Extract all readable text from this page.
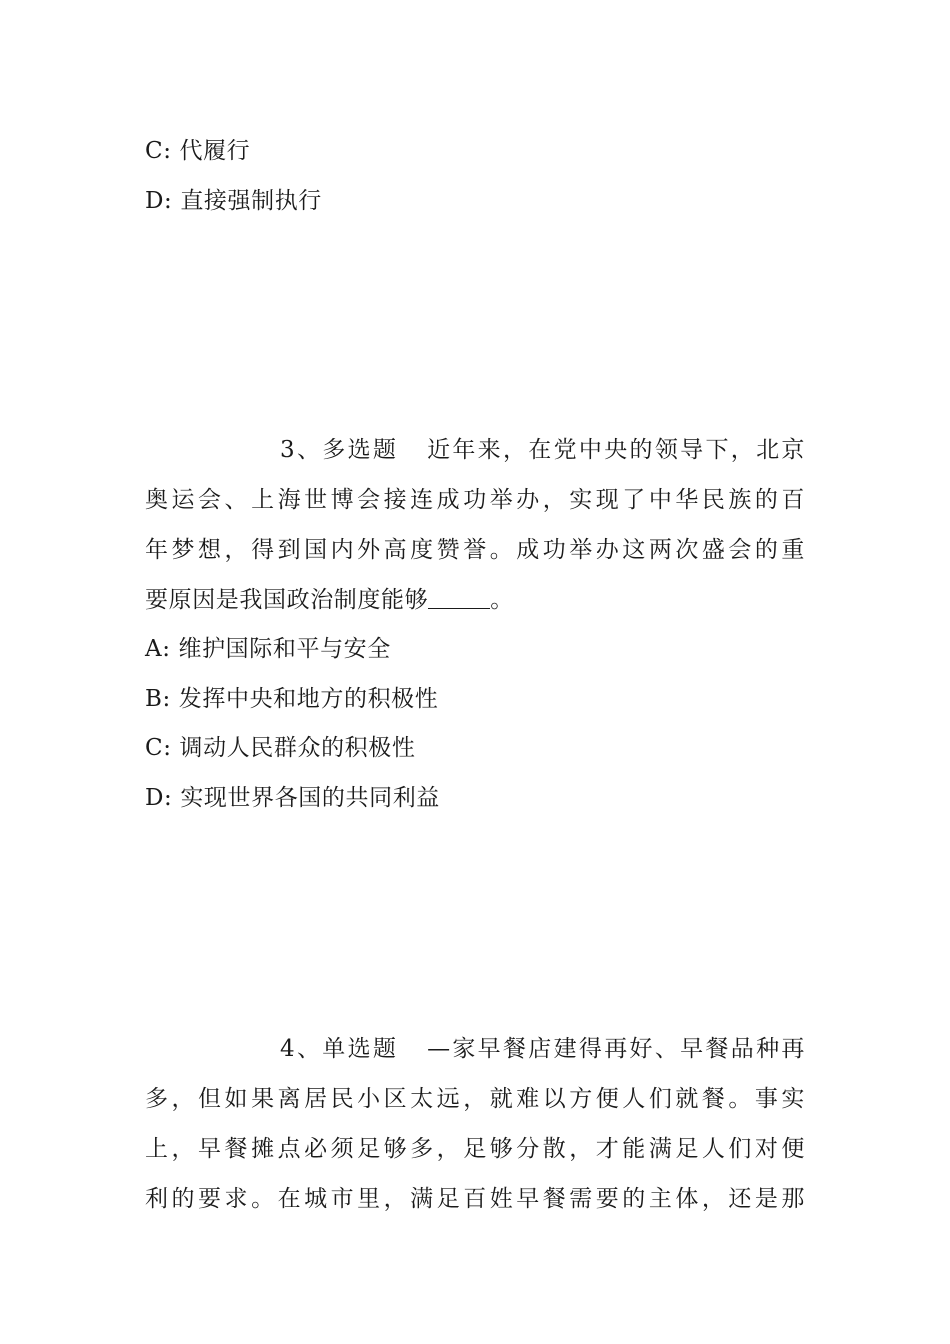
C: 代履行
D: 直接强制执行
3、多选题 近年来，在党中央的领导下，北京
奥运会、上海世博会接连成功举办，实现了中华民族的百
年梦想，得到国内外高度赞誉。成功举办这两次盛会的重
要原因是我国政治制度能够	。
A: 维护国际和平与安全
B: 发挥中央和地方的积极性
C: 调动人民群众的积极性
D: 实现世界各国的共同利益
4、单选题 —家早餐店建得再好、早餐品种再
多，但如果离居民小区太远，就难以方便人们就餐。事实
上，早餐摊点必须足够多，足够分散，才能满足人们对便
利的要求。在城市里，满足百姓早餐需要的主体，还是那
